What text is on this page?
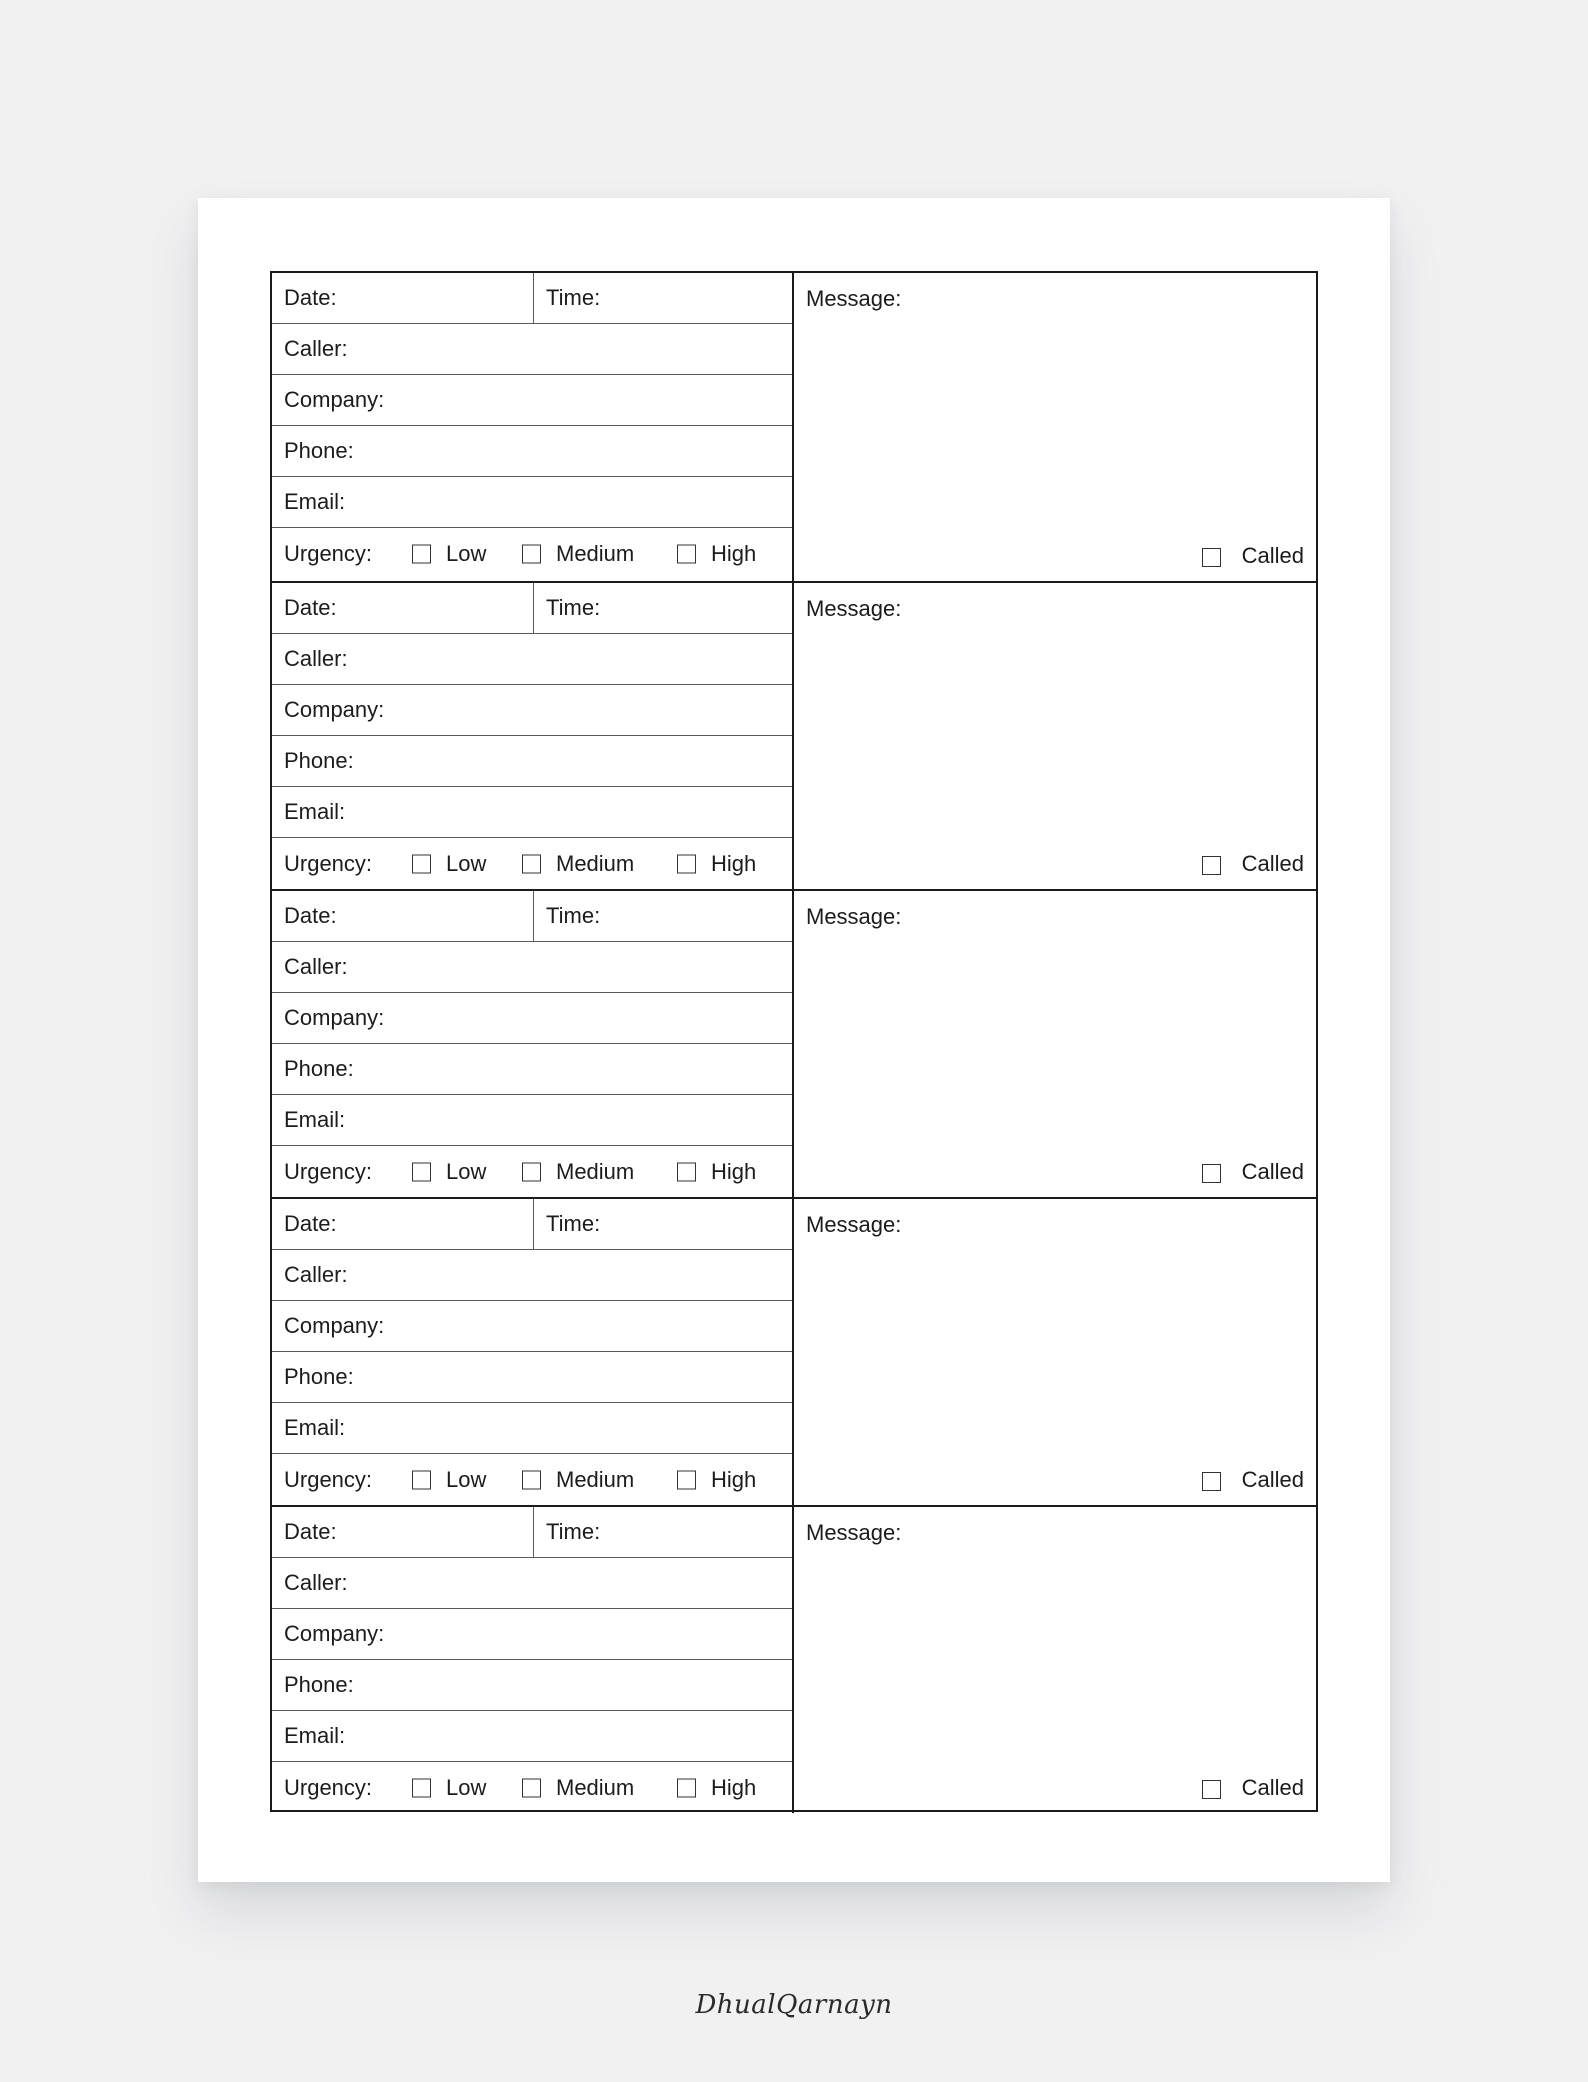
Date:	Time:
Caller:
Company:
Phone:
Email:
Urgency:	Low	Medium	High
Message:
Called
Date:	Time:
Caller:
Company:
Phone:
Email:
Urgency:	Low	Medium	High
Message:
Called
Date:	Time:
Caller:
Company:
Phone:
Email:
Urgency:	Low	Medium	High
Message:
Called
Date:	Time:
Caller:
Company:
Phone:
Email:
Urgency:	Low	Medium	High
Message:
Called
Date:	Time:
Caller:
Company:
Phone:
Email:
Urgency:	Low	Medium	High
Message:
Called
DhualQarnayn
